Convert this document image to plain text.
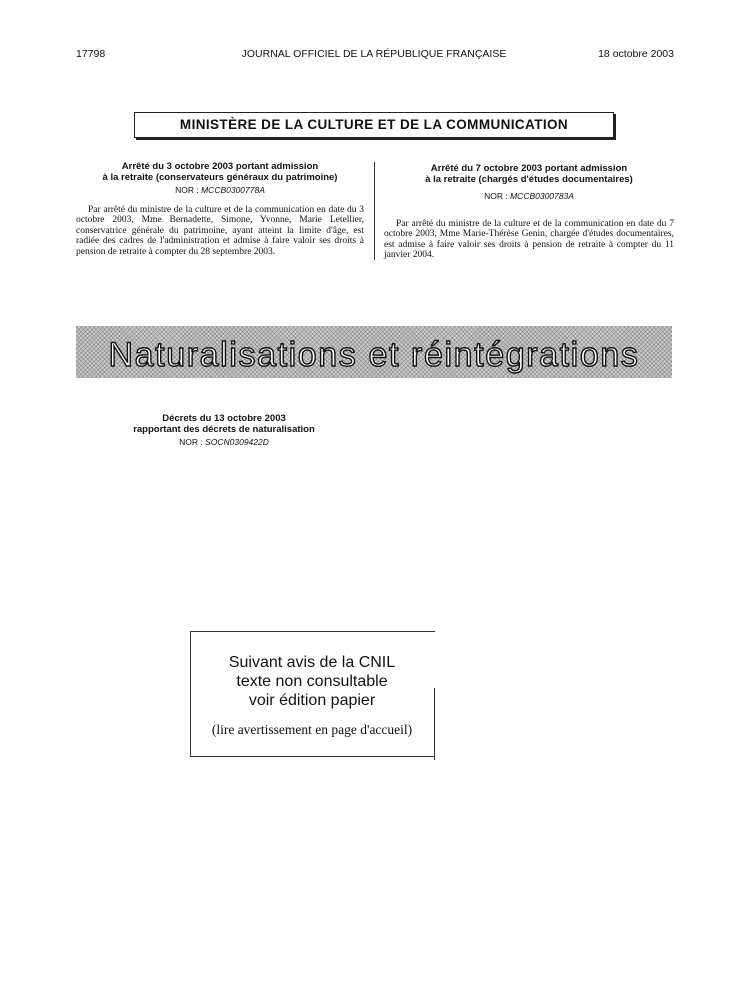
17798	JOURNAL OFFICIEL DE LA RÉPUBLIQUE FRANÇAISE	18 octobre 2003
MINISTÈRE DE LA CULTURE ET DE LA COMMUNICATION
Arrêté du 3 octobre 2003 portant admission
à la retraite (conservateurs généraux du patrimoine)
NOR : MCCB0300778A

Par arrêté du ministre de la culture et de la communication en date du 3 octobre 2003, Mme Bernadette, Simone, Yvonne, Marie Letellier, conservatrice générale du patrimoine, ayant atteint la limite d'âge, est radiée des cadres de l'administration et admise à faire valoir ses droits à pension de retraite à compter du 28 septembre 2003.

Arrêté du 7 octobre 2003 portant admission
à la retraite (chargés d'études documentaires)
NOR : MCCB0300783A

Par arrêté du ministre de la culture et de la communication en date du 7 octobre 2003, Mme Marie-Thérèse Genin, chargée d'études documentaires, est admise à faire valoir ses droits à pension de retraite à compter du 11 janvier 2004.

Naturalisations et réintégrations
Décrets du 13 octobre 2003
rapportant des décrets de naturalisation
NOR : SOCN0309422D
Suivant avis de la CNIL
texte non consultable
voir édition papier
(lire avertissement en page d'accueil)
